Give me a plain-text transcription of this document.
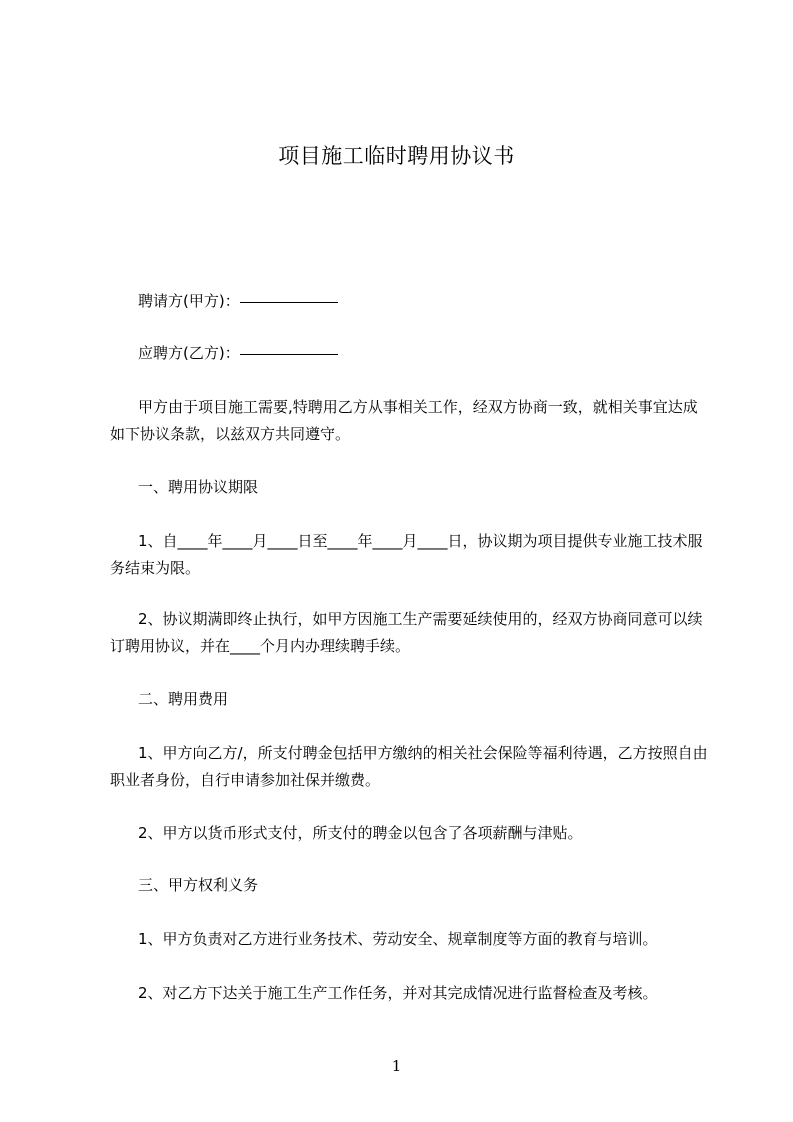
项目施工临时聘用协议书

聘请方(甲方)：

应聘方(乙方)：

甲方由于项目施工需要,特聘用乙方从事相关工作，经双方协商一致，就相关事宜达成如下协议条款，以兹双方共同遵守。

一、聘用协议期限

1、自____年____月____日至____年____月____日，协议期为项目提供专业施工技术服务结束为限。

2、协议期满即终止执行，如甲方因施工生产需要延续使用的，经双方协商同意可以续订聘用协议，并在____个月内办理续聘手续。

二、聘用费用

1、甲方向乙方/，所支付聘金包括甲方缴纳的相关社会保险等福利待遇，乙方按照自由职业者身份，自行申请参加社保并缴费。

2、甲方以货币形式支付，所支付的聘金以包含了各项薪酬与津贴。

三、甲方权利义务

1、甲方负责对乙方进行业务技术、劳动安全、规章制度等方面的教育与培训。

2、对乙方下达关于施工生产工作任务，并对其完成情况进行监督检查及考核。

1
